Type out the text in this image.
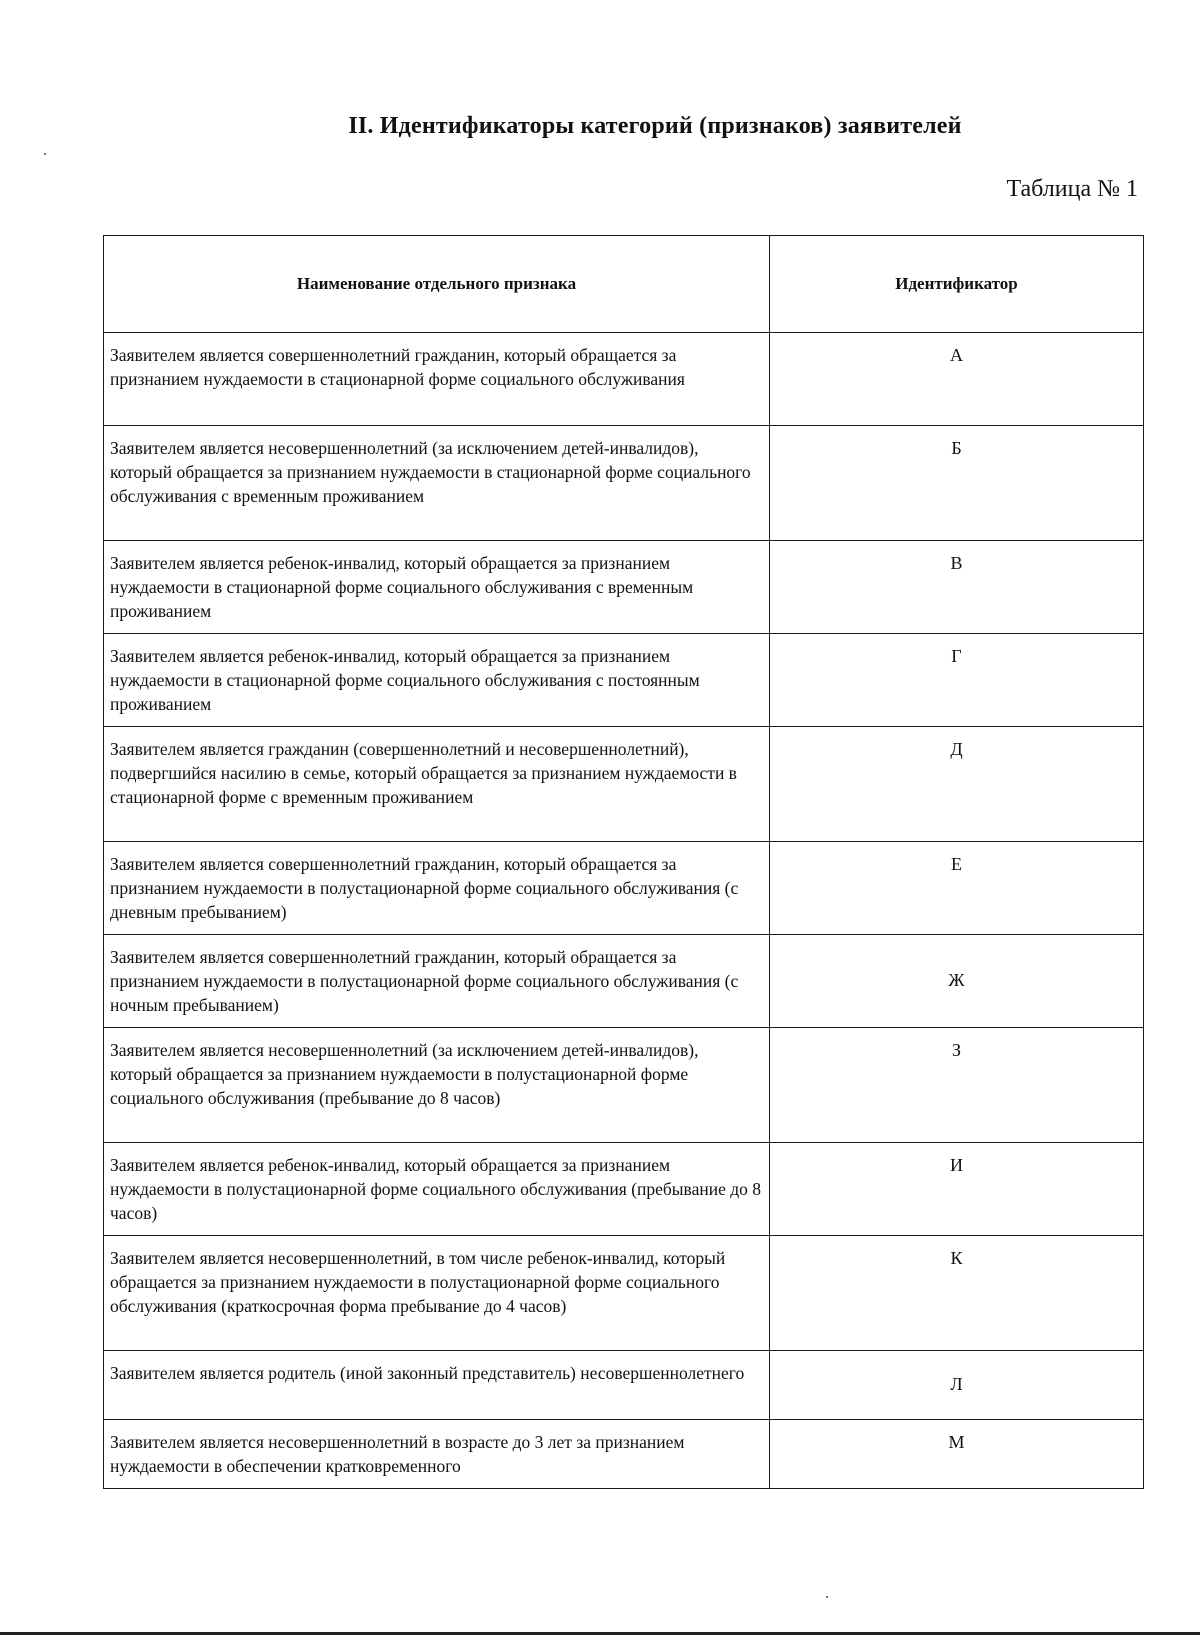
II. Идентификаторы категорий (признаков) заявителей
Таблица № 1
Наименование отдельного признака	Идентификатор
Заявителем является совершеннолетний гражданин, который обращается за признанием нуждаемости в стационарной форме социального обслуживания	А
Заявителем является несовершеннолетний (за исключением детей-инвалидов), который обращается за признанием нуждаемости в стационарной форме социального обслуживания с временным проживанием	Б
Заявителем является ребенок-инвалид, который обращается за признанием нуждаемости в стационарной форме социального обслуживания с временным проживанием	В
Заявителем является ребенок-инвалид, который обращается за признанием нуждаемости в стационарной форме социального обслуживания с постоянным проживанием	Г
Заявителем является гражданин (совершеннолетний и несовершеннолетний), подвергшийся насилию в семье, который обращается за признанием нуждаемости в стационарной форме с временным проживанием	Д
Заявителем является совершеннолетний гражданин, который обращается за признанием нуждаемости в полустационарной форме социального обслуживания (с дневным пребыванием)	Е
Заявителем является совершеннолетний гражданин, который обращается за признанием нуждаемости в полустационарной форме социального обслуживания (с ночным пребыванием)	Ж
Заявителем является несовершеннолетний (за исключением детей-инвалидов), который обращается за признанием нуждаемости в полустационарной форме социального обслуживания (пребывание до 8 часов)	З
Заявителем является ребенок-инвалид, который обращается за признанием нуждаемости в полустационарной форме социального обслуживания (пребывание до 8 часов)	И
Заявителем является несовершеннолетний, в том числе ребенок-инвалид, который обращается за признанием нуждаемости в полустационарной форме социального обслуживания (краткосрочная форма пребывание до 4 часов)	К
Заявителем является родитель (иной законный представитель) несовершеннолетнего	Л
Заявителем является несовершеннолетний в возрасте до 3 лет за признанием нуждаемости в обеспечении кратковременного	М
